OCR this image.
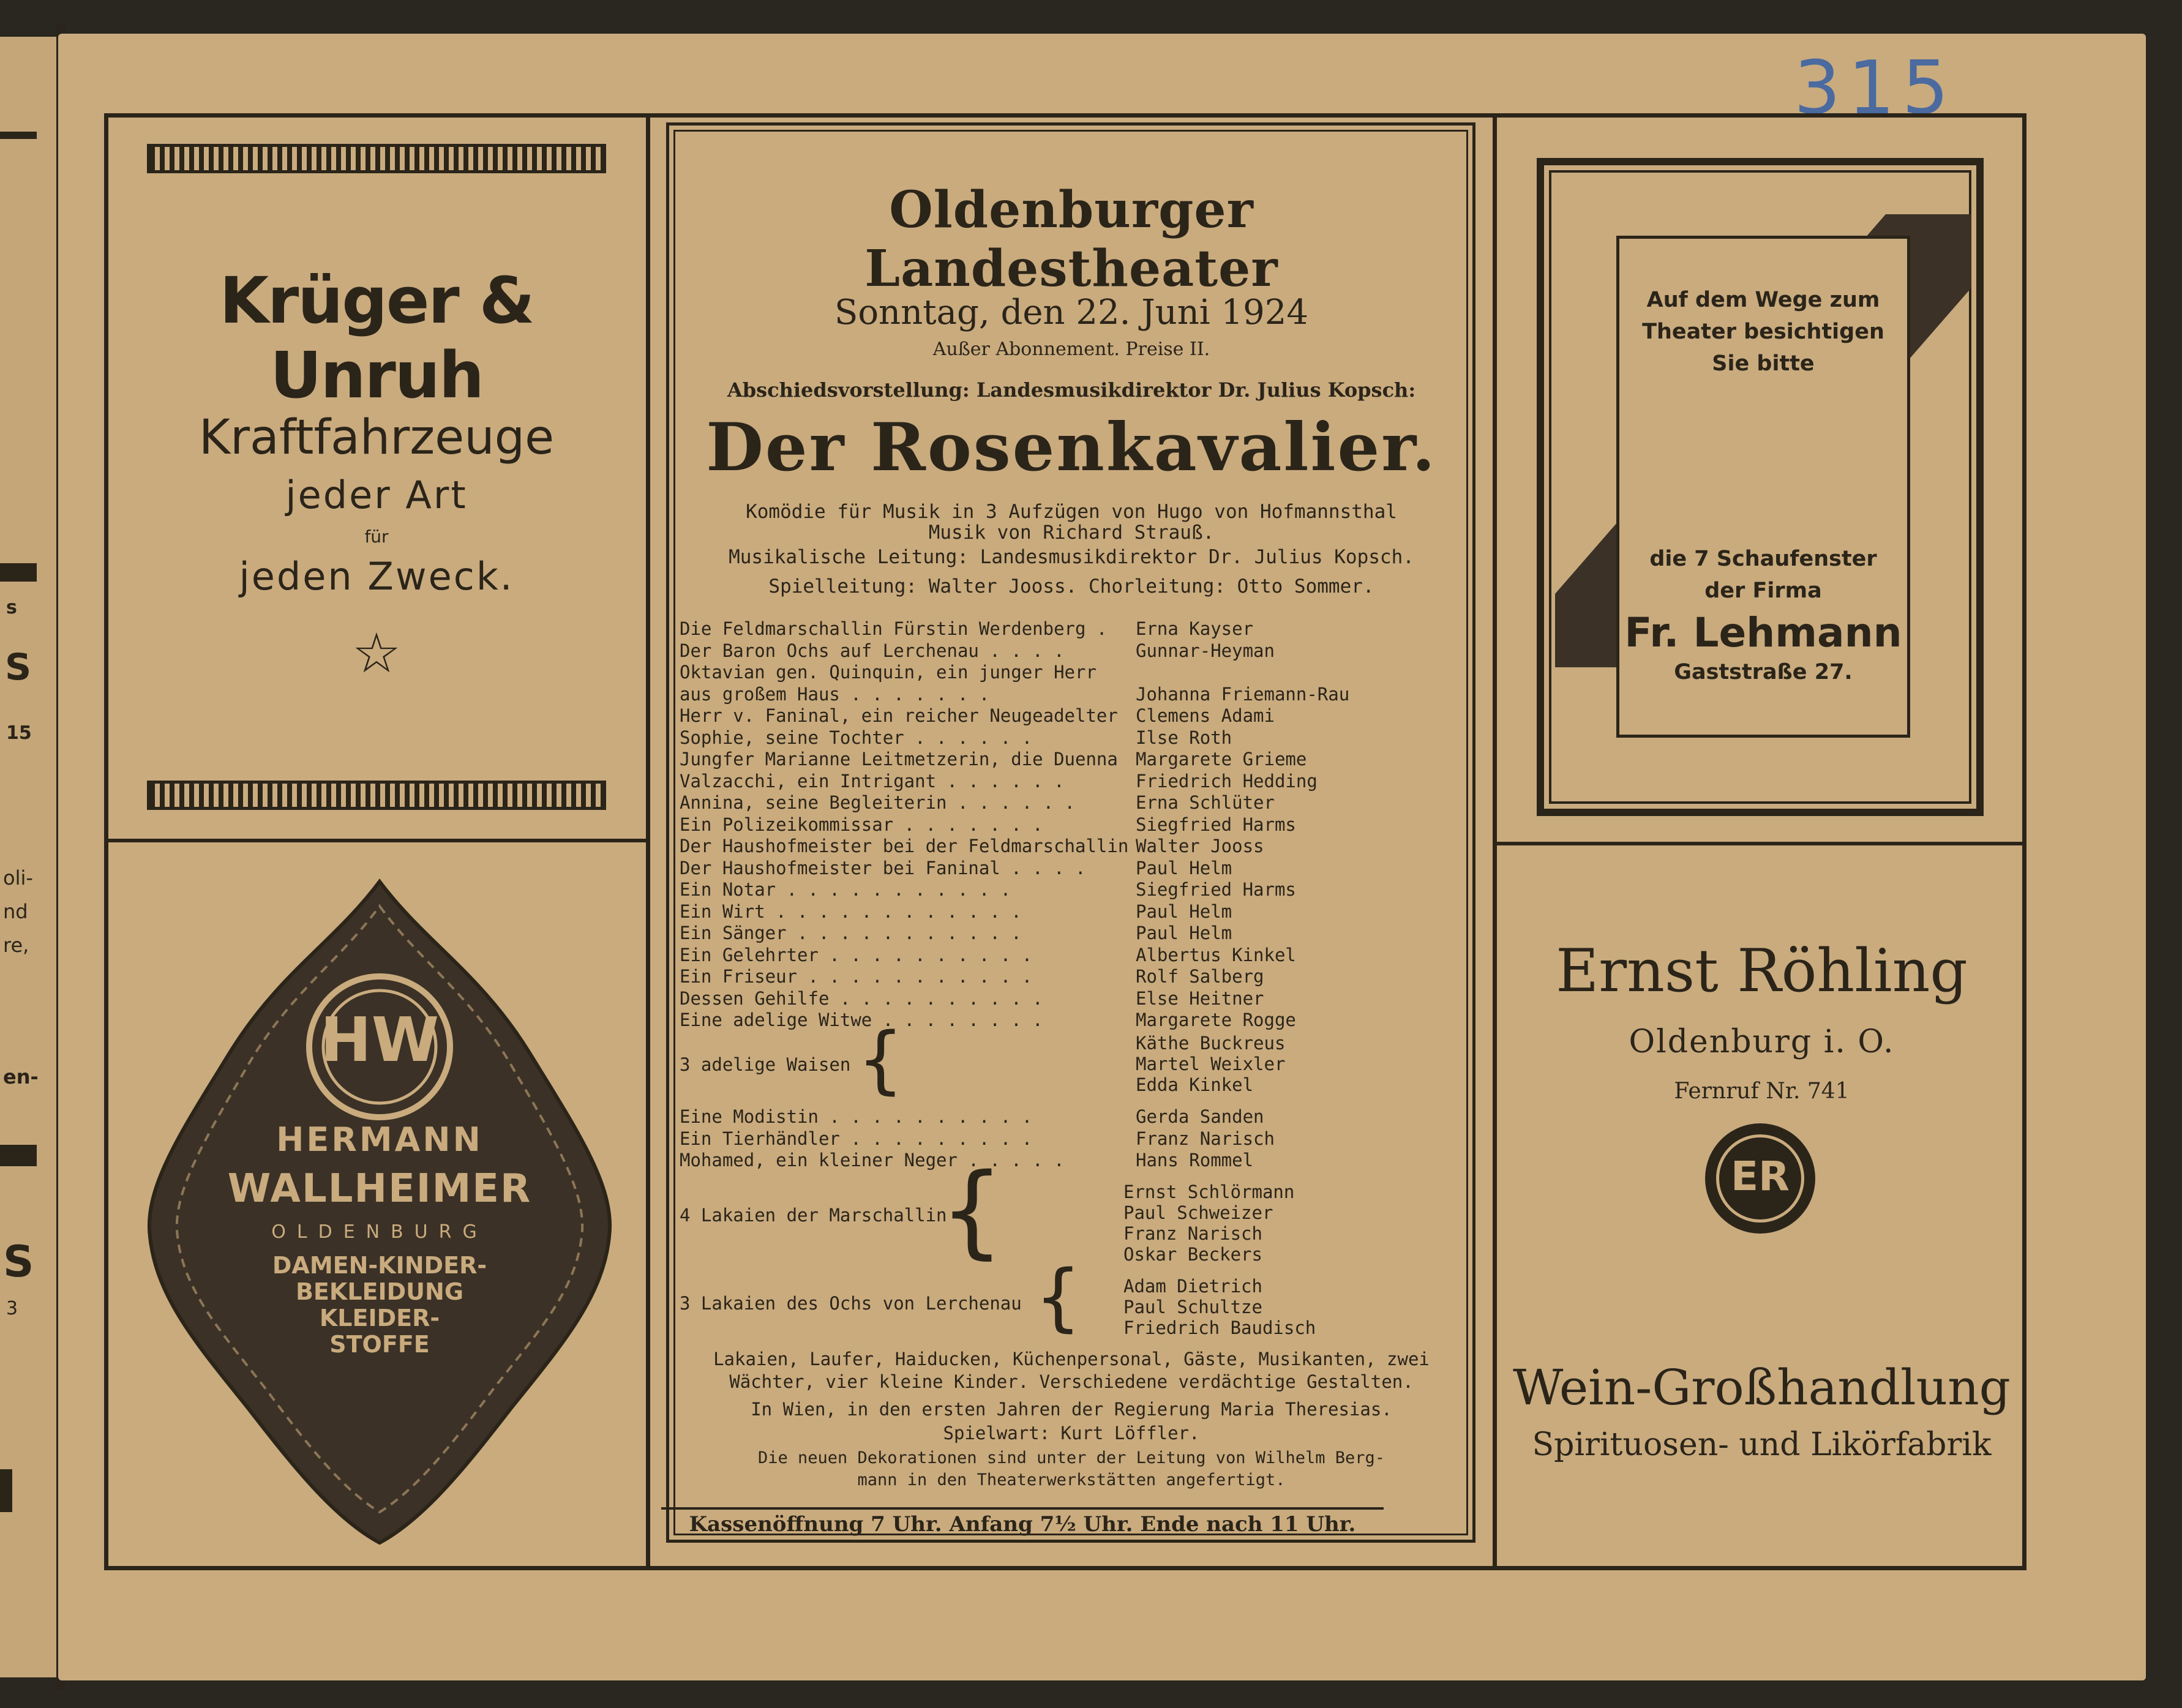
s
S
15
oli-
nd
re,
en-
S
3
315
Krüger & Unruh
Kraftfahrzeuge
jeder Art
für
jeden Zweck.
☆
HW
HERMANN
WALLHEIMER
OLDENBURG
DAMEN-KINDER-
BEKLEIDUNG
KLEIDER-
STOFFE
Oldenburger Landestheater
Sonntag, den 22. Juni 1924
Außer Abonnement. Preise II.
Abschiedsvorstellung: Landesmusikdirektor Dr. Julius Kopsch:
Der Rosenkavalier.
Komödie für Musik in 3 Aufzügen von Hugo von Hofmannsthal
Musik von Richard Strauß.
Musikalische Leitung: Landesmusikdirektor Dr. Julius Kopsch.
Spielleitung: Walter Jooss. Chorleitung: Otto Sommer.
Die Feldmarschallin Fürstin Werdenberg . Erna Kayser
Der Baron Ochs auf Lerchenau . . . .	Gunnar-Heyman
Oktavian gen. Quinquin, ein junger Herr
aus großem Haus . . . . . . .	Johanna Friemann-Rau
Herr v. Faninal, ein reicher Neugeadelter Clemens Adami
Sophie, seine Tochter . . . . . .	Ilse Roth
Jungfer Marianne Leitmetzerin, die Duenna Margarete Grieme
Valzacchi, ein Intrigant . . . . . .	Friedrich Hedding
Annina, seine Begleiterin . . . . . .	Erna Schlüter
Ein Polizeikommissar . . . . . . .	Siegfried Harms
Der Haushofmeister bei der Feldmarschallin Walter Jooss
Der Haushofmeister bei Faninal . . . .	Paul Helm
Ein Notar . . . . . . . . . . .	Siegfried Harms
Ein Wirt . . . . . . . . . . . .	Paul Helm
Ein Sänger . . . . . . . . . . .	Paul Helm
Ein Gelehrter . . . . . . . . . .	Albertus Kinkel
Ein Friseur . . . . . . . . . . .	Rolf Salberg
Dessen Gehilfe . . . . . . . . . .	Else Heitner
Eine adelige Witwe . . . . . . . .	Margarete Rogge
3 adelige Waisen {	Käthe Buckreus
Martel Weixler
Edda Kinkel
Eine Modistin . . . . . . . . . .	Gerda Sanden
Ein Tierhändler . . . . . . . . .	Franz Narisch
Mohamed, ein kleiner Neger . . . . .	Hans Rommel
4 Lakaien der Marschallin
{	Ernst Schlörmann
Paul Schweizer
Franz Narisch
Oskar Beckers
3 Lakaien des Ochs von Lerchenau { Adam Dietrich
Paul Schultze
Friedrich Baudisch
Lakaien, Laufer, Haiducken, Küchenpersonal, Gäste, Musikanten, zwei
Wächter, vier kleine Kinder. Verschiedene verdächtige Gestalten.
In Wien, in den ersten Jahren der Regierung Maria Theresias.
Spielwart: Kurt Löffler.
Die neuen Dekorationen sind unter der Leitung von Wilhelm Berg-
mann in den Theaterwerkstätten angefertigt.
Kassenöffnung 7 Uhr. Anfang 7½ Uhr. Ende nach 11 Uhr.
Auf dem Wege zum
Theater besichtigen
Sie bitte
die 7 Schaufenster
der Firma
Fr. Lehmann
Gaststraße 27.
Ernst Röhling
Oldenburg i. O.
Fernruf Nr. 741
ER
Wein-Großhandlung
Spirituosen- und Likörfabrik
